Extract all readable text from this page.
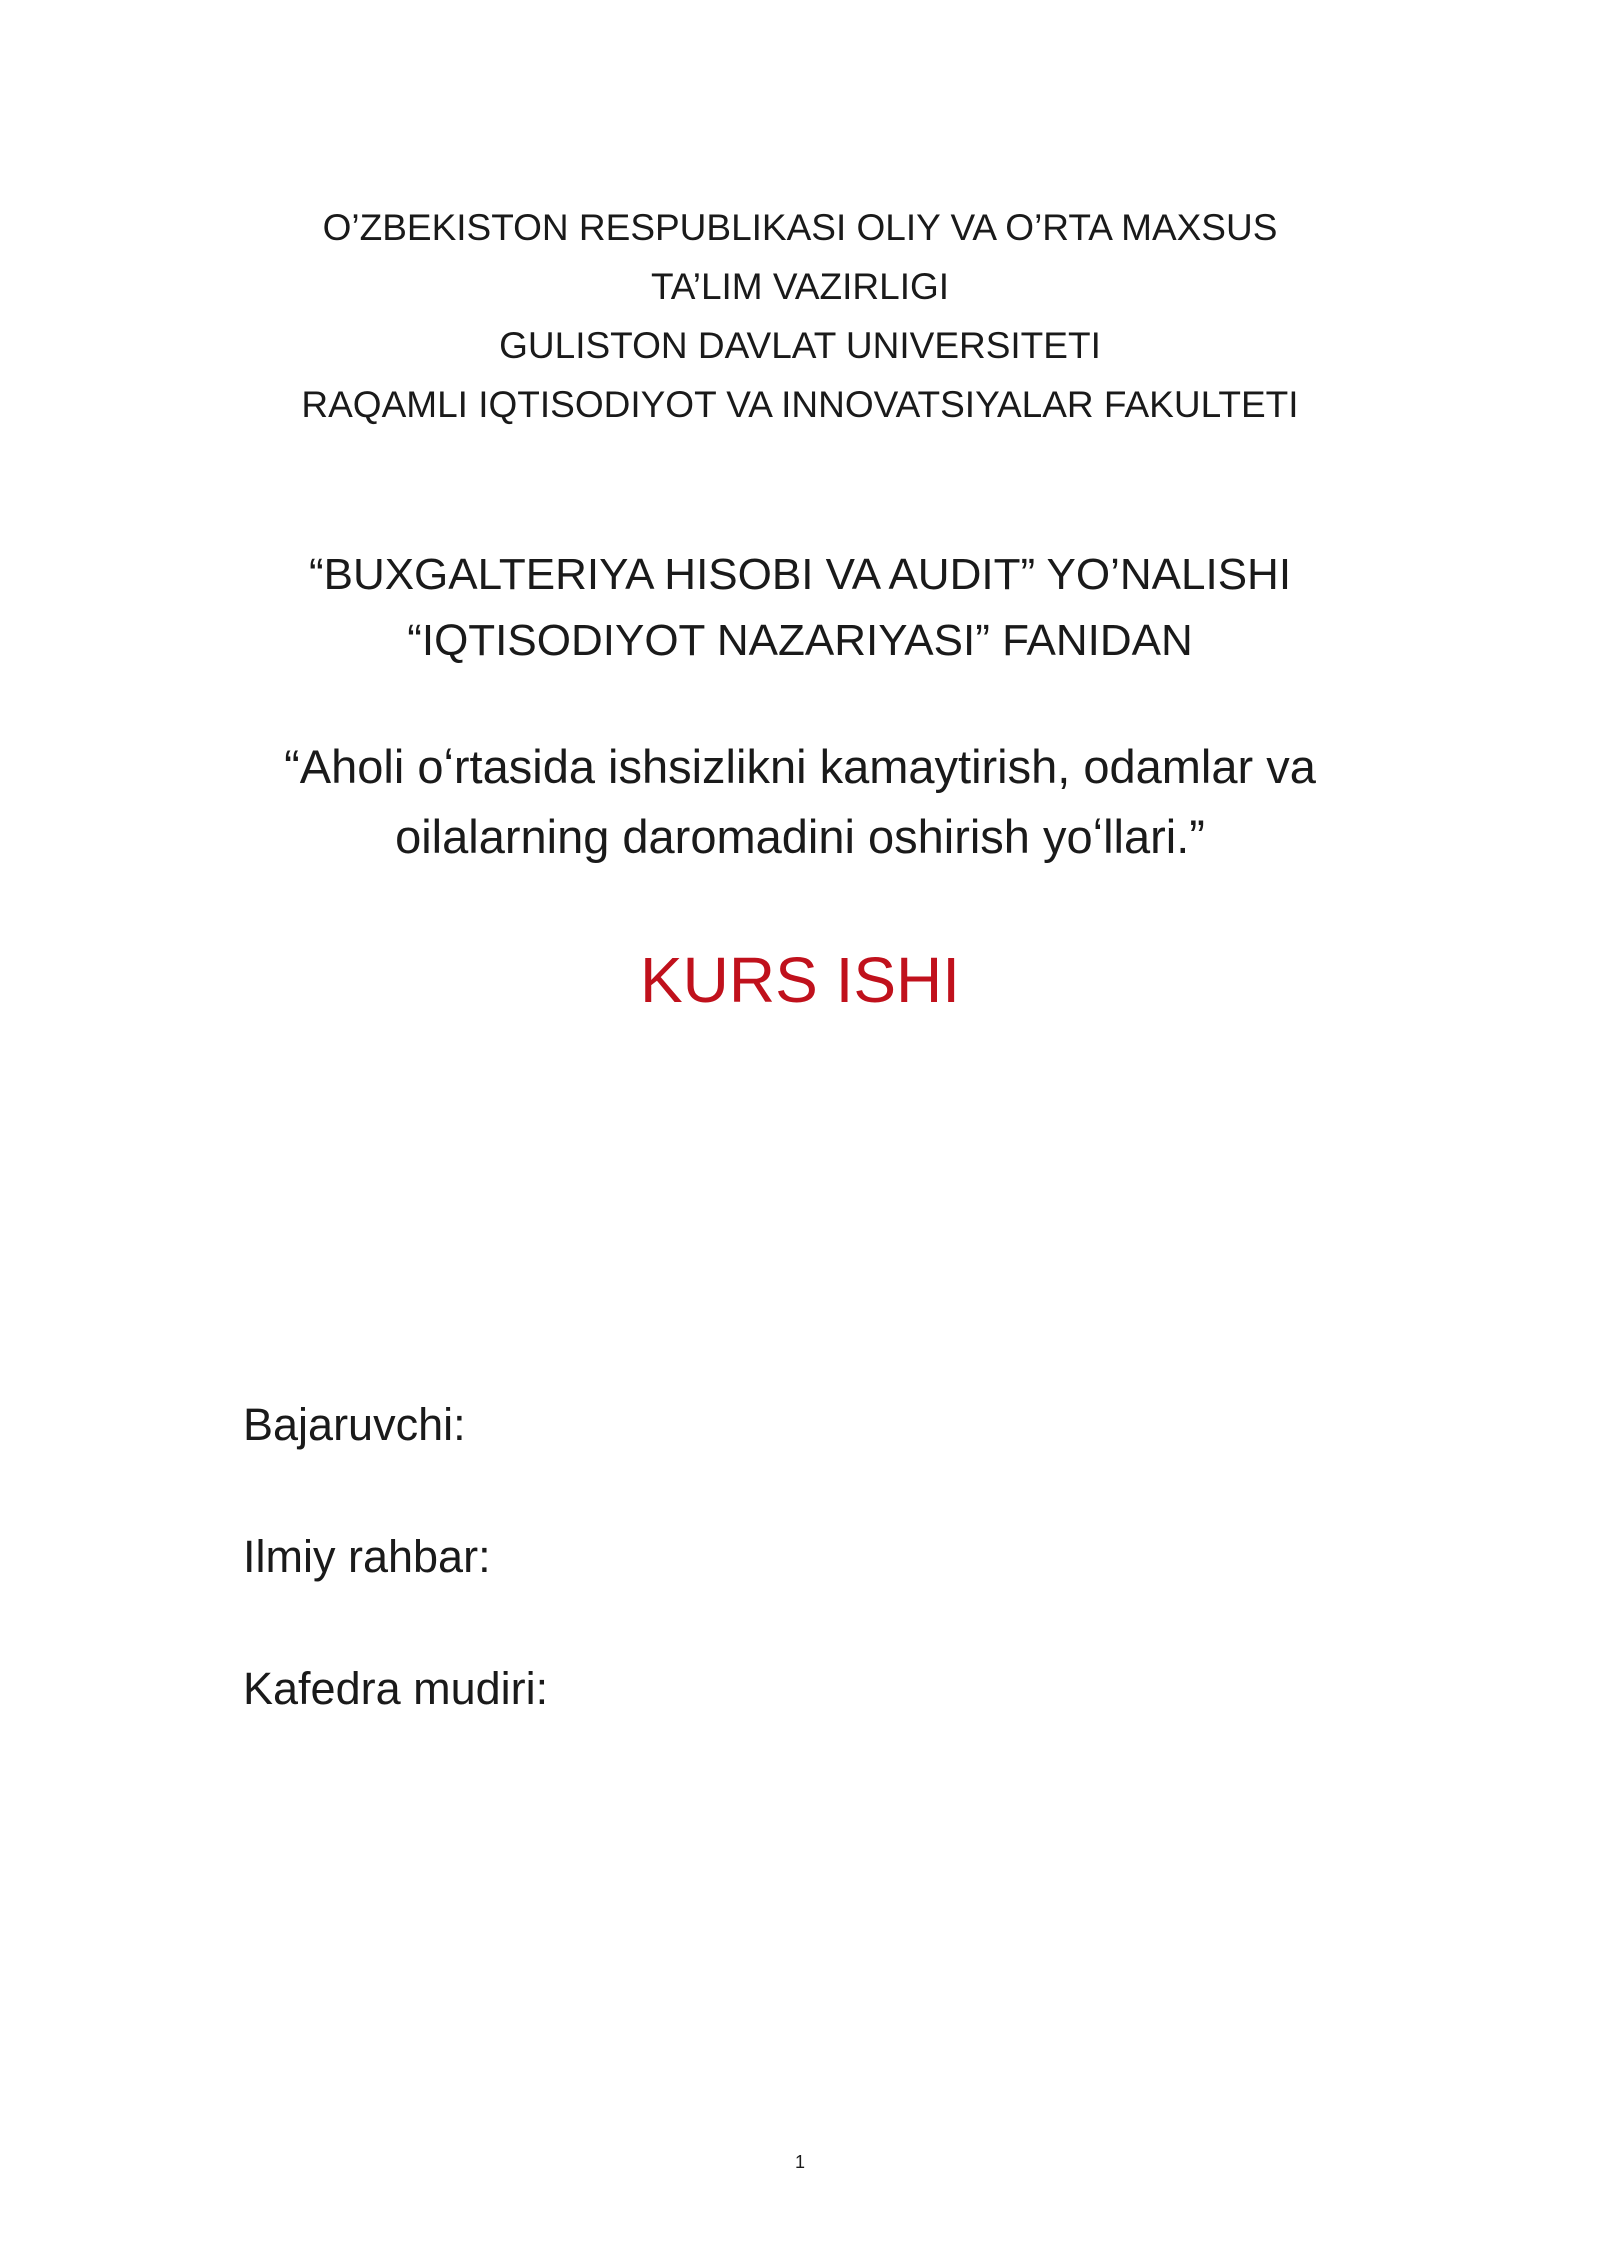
O’ZBEKISTON RESPUBLIKASI OLIY VA O’RTA MAXSUS
TA’LIM VAZIRLIGI
GULISTON DAVLAT UNIVERSITETI
RAQAMLI IQTISODIYOT VA INNOVATSIYALAR FAKULTETI
“BUXGALTERIYA HISOBI VA AUDIT” YO’NALISHI
“IQTISODIYOT NAZARIYASI” FANIDAN
“Aholi oʻrtasida ishsizlikni kamaytirish, odamlar va
oilalarning daromadini oshirish yoʻllari.”
KURS ISHI
Bajaruvchi:
Ilmiy rahbar:
Kafedra mudiri:
1
